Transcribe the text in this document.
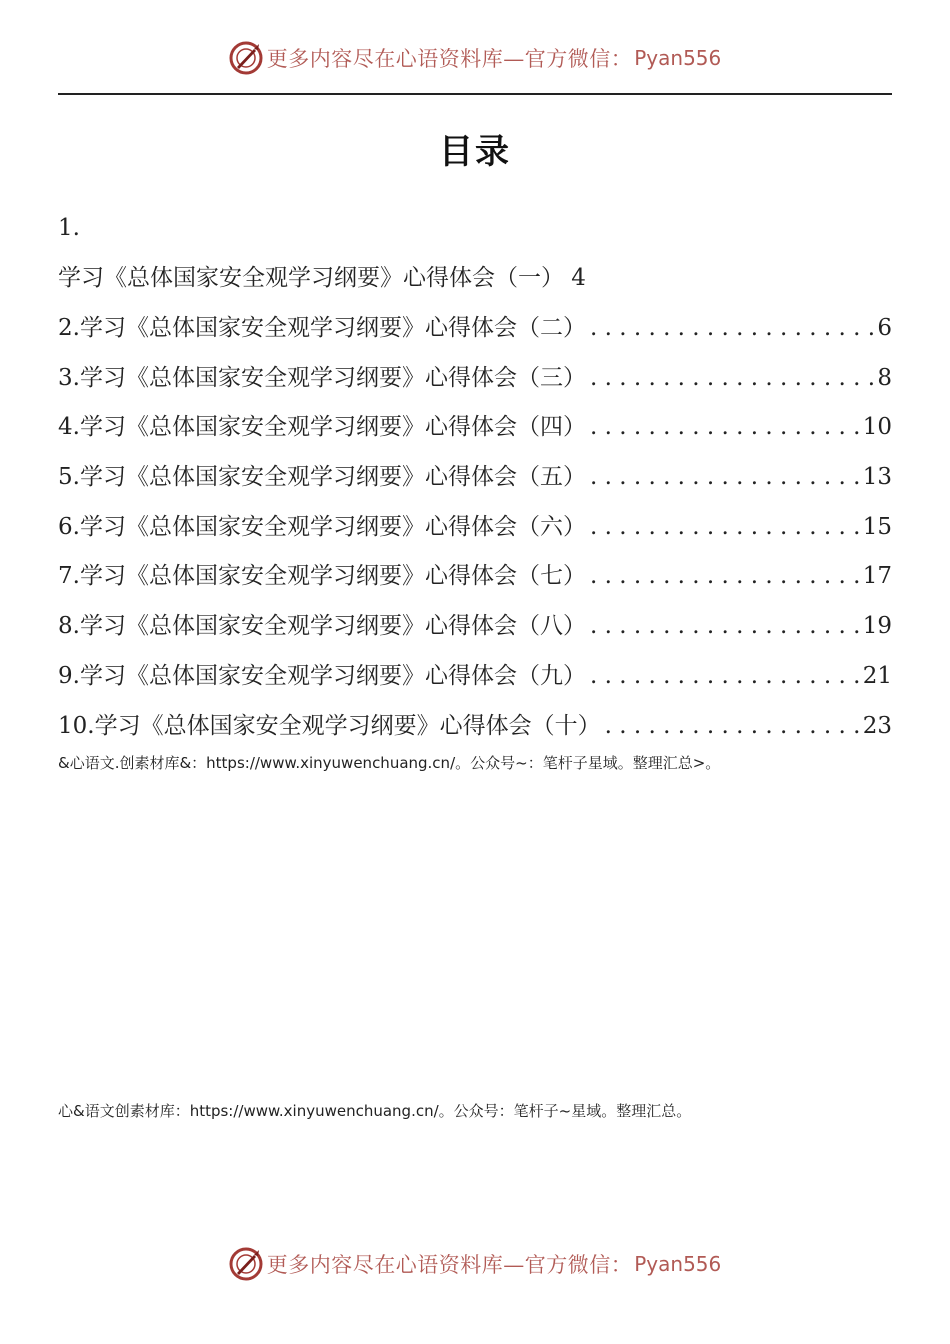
更多内容尽在心语资料库—官方微信： Pyan556
目录
1.
学习《总体国家安全观学习纲要》心得体会（一） 4
2.学习《总体国家安全观学习纲要》心得体会（二） . . .	6
3.学习《总体国家安全观学习纲要》心得体会（三） . . .	8
4.学习《总体国家安全观学习纲要》心得体会（四） . . .	10
5.学习《总体国家安全观学习纲要》心得体会（五） . . .	13
6.学习《总体国家安全观学习纲要》心得体会（六） . . .	15
7.学习《总体国家安全观学习纲要》心得体会（七） . . .	17
8.学习《总体国家安全观学习纲要》心得体会（八） . . .	19
9.学习《总体国家安全观学习纲要》心得体会（九） . . .	21
10.学习《总体国家安全观学习纲要》心得体会（十） . . .	23
&心语文.创素材库&：https://www.xinyuwenchuang.cn/。公众号~：笔杆子星域。整理汇总>。
心&语文创素材库：https://www.xinyuwenchuang.cn/。公众号：笔杆子~星域。整理汇总。
更多内容尽在心语资料库—官方微信： Pyan556
